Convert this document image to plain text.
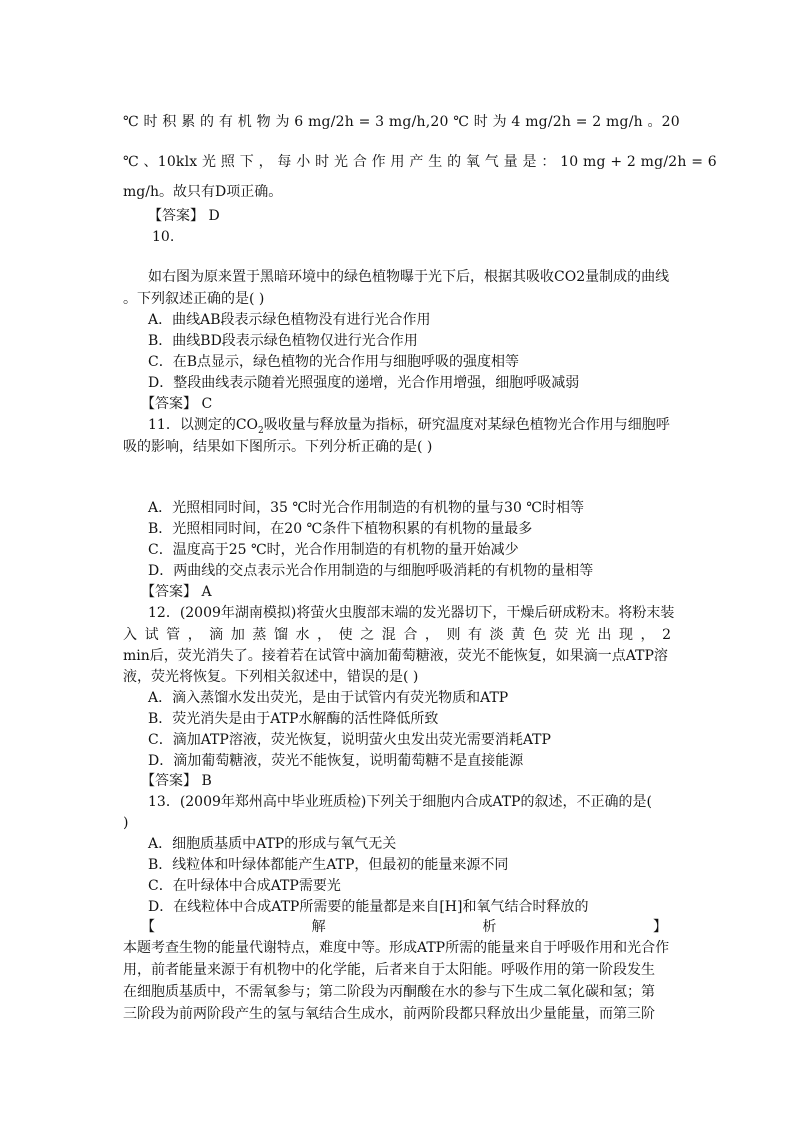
℃ 时 积 累 的 有 机 物 为 6 mg/2h = 3 mg/h,20 ℃ 时 为 4 mg/2h = 2 mg/h 。20
℃ 、10klx 光 照 下 ， 每 小 时 光 合 作 用 产 生 的 氧 气 量 是 ： 10 mg + 2 mg/2h = 6
mg/h。故只有D项正确。
【答案】 D
10.
如右图为原来置于黑暗环境中的绿色植物曝于光下后，根据其吸收CO2量制成的曲线
。下列叙述正确的是( )
A．曲线AB段表示绿色植物没有进行光合作用
B．曲线BD段表示绿色植物仅进行光合作用
C．在B点显示，绿色植物的光合作用与细胞呼吸的强度相等
D．整段曲线表示随着光照强度的递增，光合作用增强，细胞呼吸减弱
【答案】 C
11．以测定的$CO_2$吸收量与释放量为指标，研究温度对某绿色植物光合作用与细胞呼
吸的影响，结果如下图所示。下列分析正确的是( )
A．光照相同时间，35 ℃时光合作用制造的有机物的量与30 ℃时相等
B．光照相同时间，在20 ℃条件下植物积累的有机物的量最多
C．温度高于25 ℃时，光合作用制造的有机物的量开始减少
D．两曲线的交点表示光合作用制造的与细胞呼吸消耗的有机物的量相等
【答案】 A
12．(2009年湖南模拟)将萤火虫腹部末端的发光器切下，干燥后研成粉末。将粉末装
入 试 管 ， 滴 加 蒸 馏 水 ， 使 之 混 合 ， 则 有 淡 黄 色 荧 光 出 现 ， 2
min后，荧光消失了。接着若在试管中滴加葡萄糖液，荧光不能恢复，如果滴一点ATP溶
液，荧光将恢复。下列相关叙述中，错误的是( )
A．滴入蒸馏水发出荧光，是由于试管内有荧光物质和ATP
B．荧光消失是由于ATP水解酶的活性降低所致
C．滴加ATP溶液，荧光恢复，说明萤火虫发出荧光需要消耗ATP
D．滴加葡萄糖液，荧光不能恢复，说明葡萄糖不是直接能源
【答案】 B
13．(2009年郑州高中毕业班质检)下列关于细胞内合成ATP的叙述，不正确的是(
)
A．细胞质基质中ATP的形成与氧气无关
B．线粒体和叶绿体都能产生ATP，但最初的能量来源不同
C．在叶绿体中合成ATP需要光
D．在线粒体中合成ATP所需要的能量都是来自[H]和氧气结合时释放的
【	解	析	】
本题考查生物的能量代谢特点，难度中等。形成ATP所需的能量来自于呼吸作用和光合作
用，前者能量来源于有机物中的化学能，后者来自于太阳能。呼吸作用的第一阶段发生
在细胞质基质中，不需氧参与；第二阶段为丙酮酸在水的参与下生成二氧化碳和氢；第
三阶段为前两阶段产生的氢与氧结合生成水，前两阶段都只释放出少量能量，而第三阶
